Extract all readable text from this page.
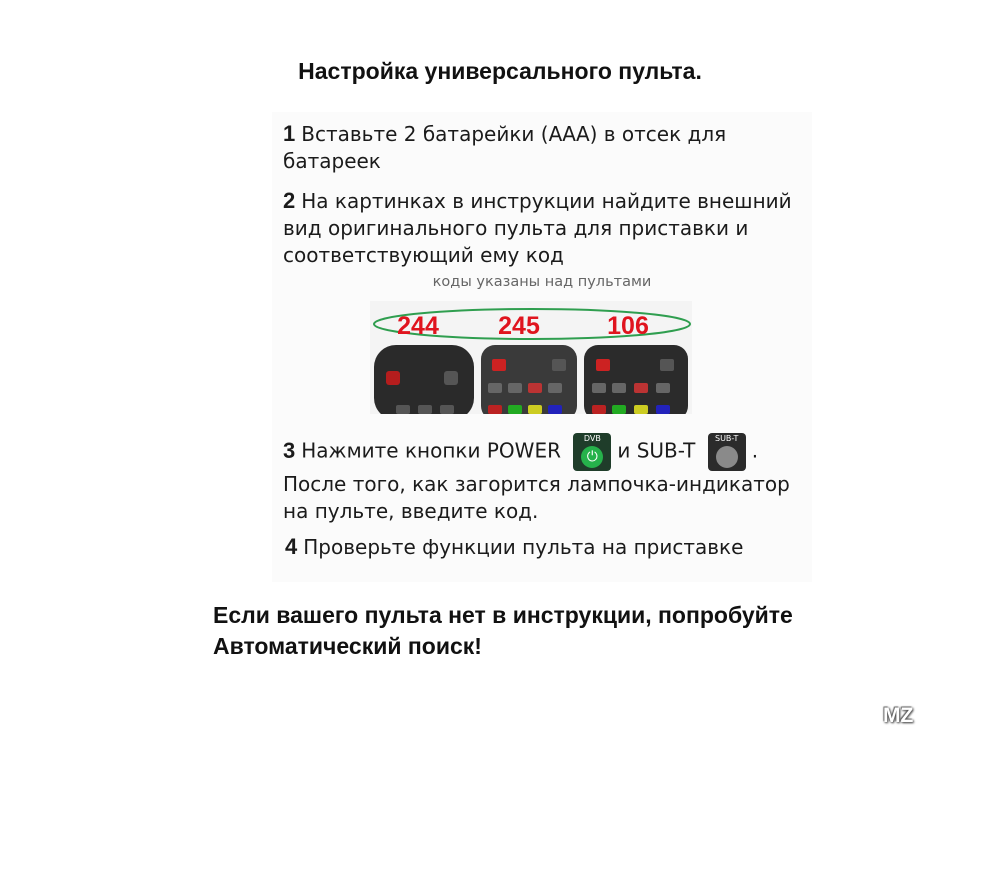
Настройка универсального пульта.
1 Вставьте 2 батарейки (ААА) в отсек для батареек
2 На картинках в инструкции найдите внешний вид оригинального пульта для приставки и соответствующий ему код
коды указаны над пультами
244 245	106
3 Нажмите кнопки POWER	DVB
⏻ и SUB-T	SUB-T .
После того, как загорится лампочка-индикатор на пульте, введите код.
4 Проверьте функции пульта на приставке
Если вашего пульта нет в инструкции, попробуйте
Автоматический поиск!
MZ
